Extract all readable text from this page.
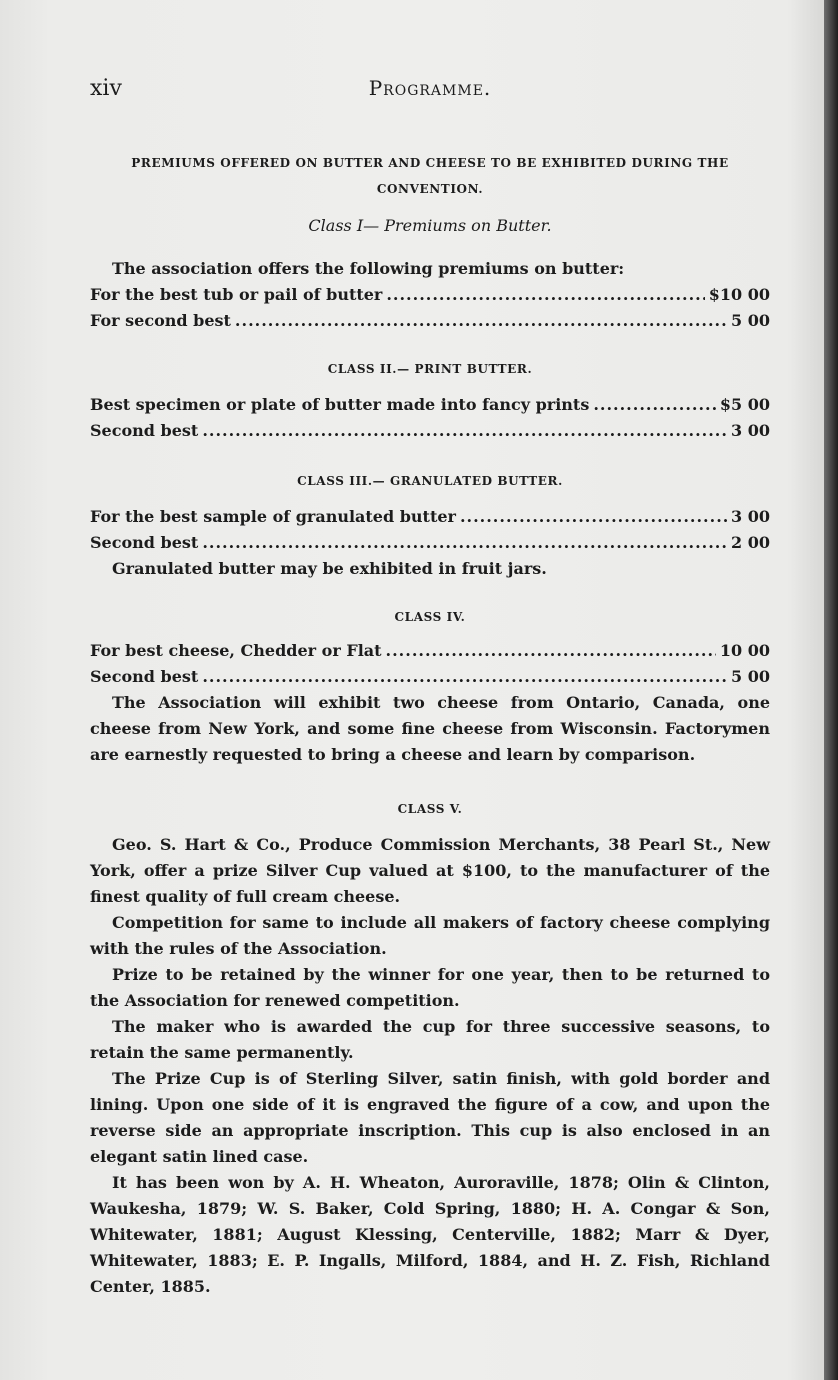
xiv	Programme.
PREMIUMS OFFERED ON BUTTER AND CHEESE TO BE EXHIBITED DURING THE
CONVENTION.
Class I— Premiums on Butter.
The association offers the following premiums on butter:
For the best tub or pail of butter .....	$10 00
For second best .....	5 00
CLASS II.— PRINT BUTTER.
Best specimen or plate of butter made into fancy prints .....	$5 00
Second best .....	3 00
CLASS III.— GRANULATED BUTTER.
For the best sample of granulated butter .....	3 00
Second best .....	2 00
Granulated butter may be exhibited in fruit jars.
CLASS IV.
For best cheese, Chedder or Flat .....	10 00
Second best .....	5 00

The Association will exhibit two cheese from Ontario, Canada, one cheese from New York, and some fine cheese from Wisconsin. Factorymen are earnestly requested to bring a cheese and learn by comparison.

CLASS V.

Geo. S. Hart & Co., Produce Commission Merchants, 38 Pearl St., New York, offer a prize Silver Cup valued at $100, to the manufacturer of the finest quality of full cream cheese.

Competition for same to include all makers of factory cheese complying with the rules of the Association.

Prize to be retained by the winner for one year, then to be returned to the Association for renewed competition.

The maker who is awarded the cup for three successive seasons, to retain the same permanently.

The Prize Cup is of Sterling Silver, satin finish, with gold border and lining. Upon one side of it is engraved the figure of a cow, and upon the reverse side an appropriate inscription. This cup is also enclosed in an elegant satin lined case.

It has been won by A. H. Wheaton, Auroraville, 1878; Olin & Clinton, Waukesha, 1879; W. S. Baker, Cold Spring, 1880; H. A. Congar & Son, Whitewater, 1881; August Klessing, Centerville, 1882; Marr & Dyer, Whitewater, 1883; E. P. Ingalls, Milford, 1884, and H. Z. Fish, Richland Center, 1885.
